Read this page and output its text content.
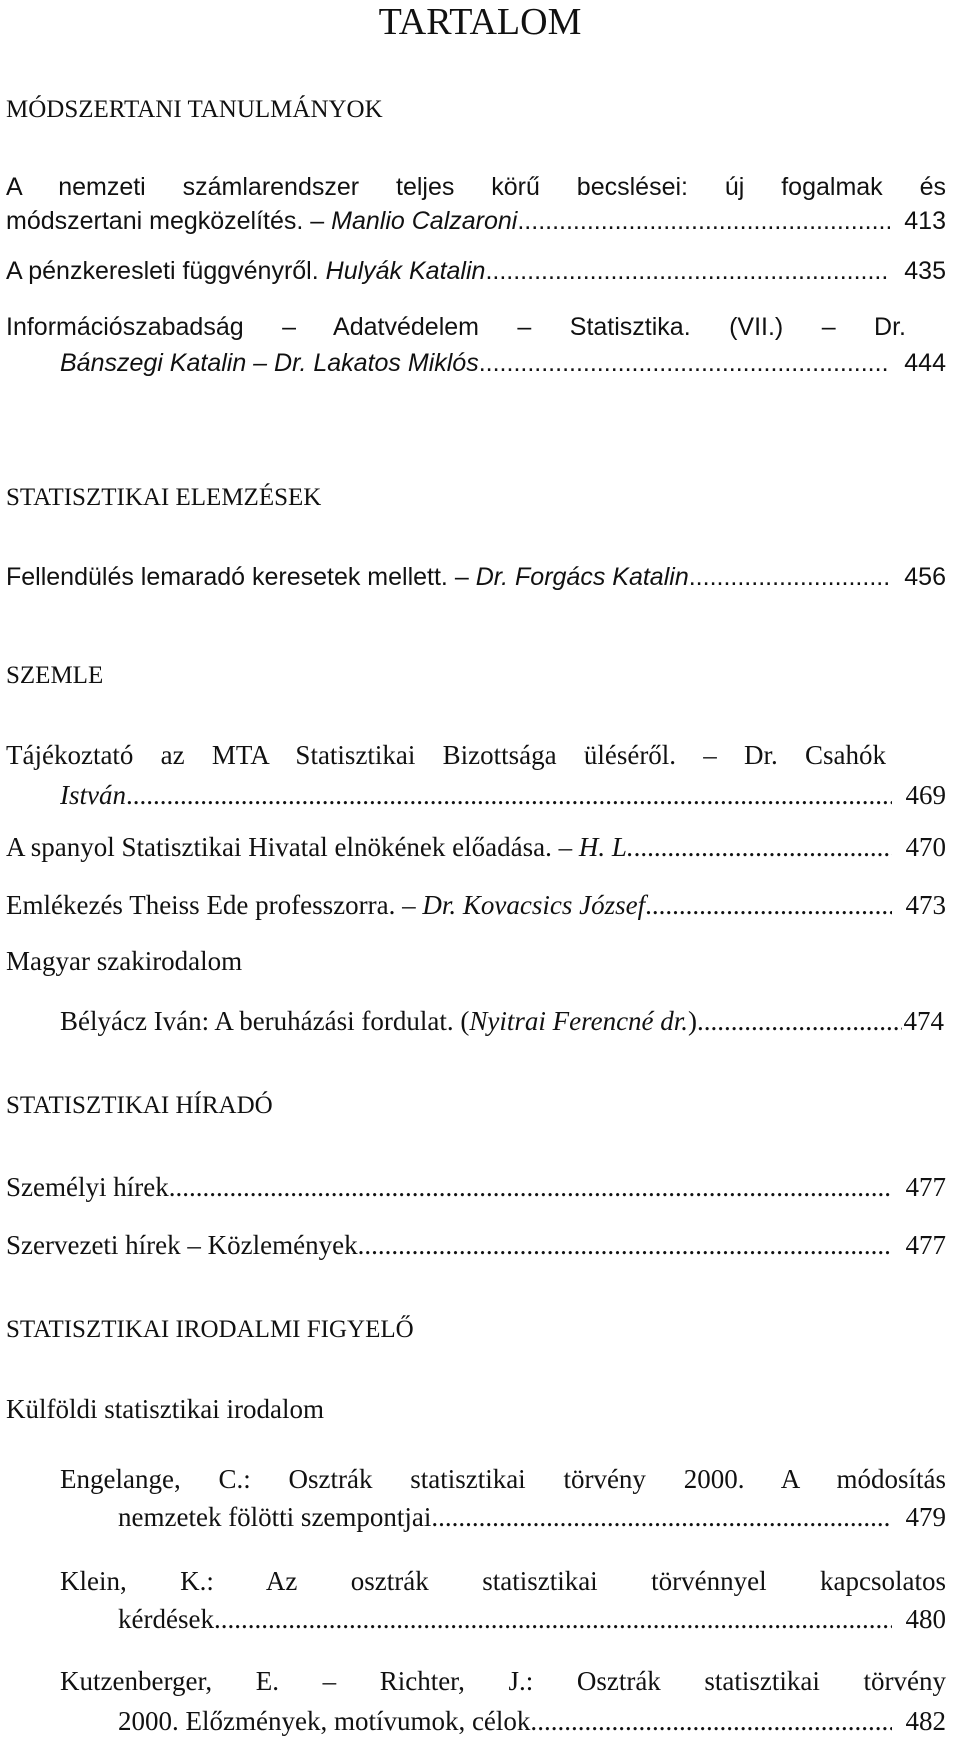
TARTALOM
MÓDSZERTANI TANULMÁNYOK
A nemzeti számlarendszer teljes körű becslései: új fogalmak és
módszertani megközelítés. – Manlio Calzaroni .....	413
A pénzkeresleti függvényről. Hulyák Katalin .....	435
Információszabadság – Adatvédelem – Statisztika. (VII.) – Dr.
Bánszegi Katalin – Dr. Lakatos Miklós .....	444
STATISZTIKAI ELEMZÉSEK
Fellendülés lemaradó keresetek mellett. – Dr. Forgács Katalin .....	456
SZEMLE
Tájékoztató az MTA Statisztikai Bizottsága üléséről. – Dr. Csahók
István .....	469
A spanyol Statisztikai Hivatal elnökének előadása. – H. L. .....	470
Emlékezés Theiss Ede professzorra. – Dr. Kovacsics József .....	473
Magyar szakirodalom
Bélyácz Iván: A beruházási fordulat. (Nyitrai Ferencné dr.) .....	474
STATISZTIKAI HÍRADÓ
Személyi hírek .....	477
Szervezeti hírek – Közlemények .....	477
STATISZTIKAI IRODALMI FIGYELŐ
Külföldi statisztikai irodalom
Engelange, C.: Osztrák statisztikai törvény 2000. A módosítás
nemzetek fölötti szempontjai. .....	479
Klein, K.: Az osztrák statisztikai törvénnyel kapcsolatos
kérdések. .....	480
Kutzenberger, E. – Richter, J.: Osztrák statisztikai törvény
2000. Előzmények, motívumok, célok. .....	482
